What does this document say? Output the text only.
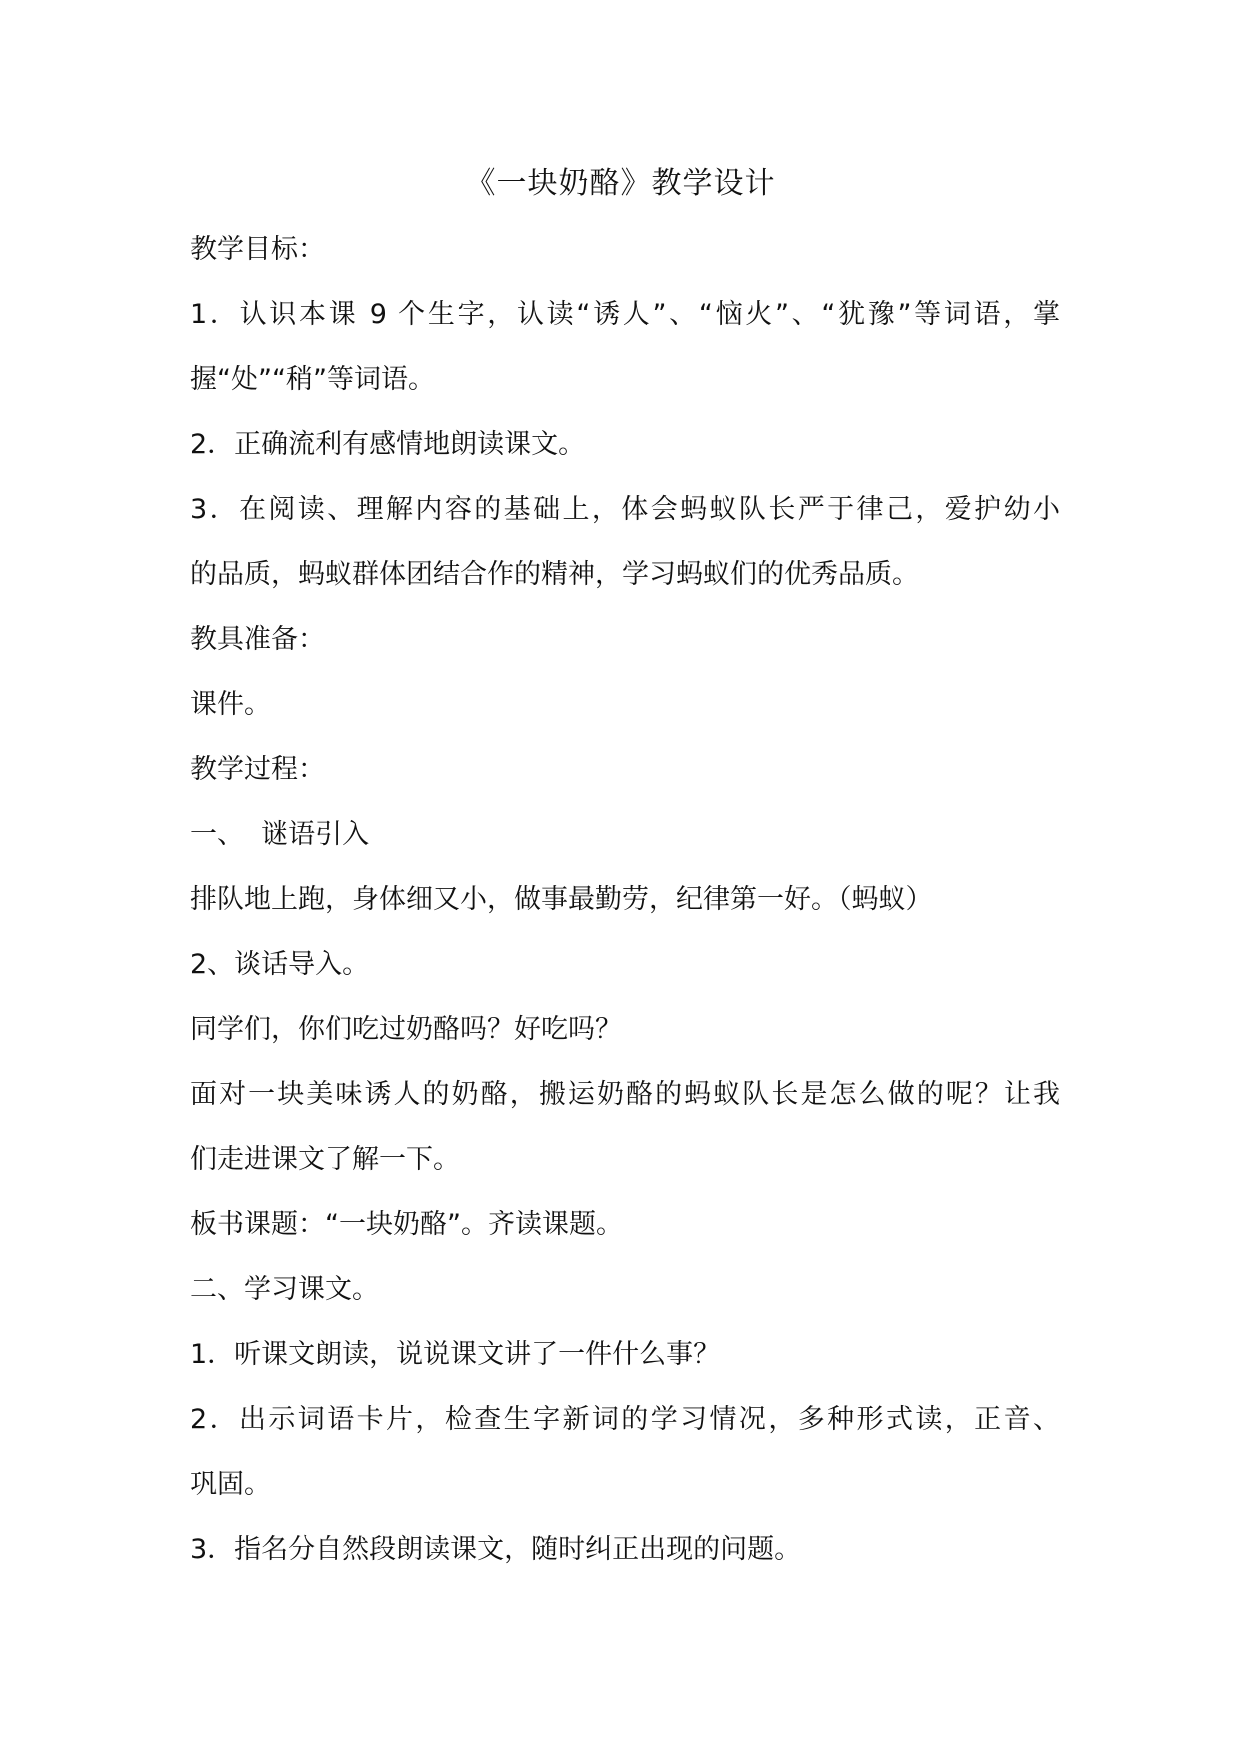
《一块奶酪》教学设计
教学目标：
1．认识本课 9 个生字，认读“诱人”、“恼火”、“犹豫”等词语，掌
握“处”“稍”等词语。
2．正确流利有感情地朗读课文。
3．在阅读、理解内容的基础上，体会蚂蚁队长严于律己，爱护幼小
的品质，蚂蚁群体团结合作的精神，学习蚂蚁们的优秀品质。
教具准备：
课件。
教学过程：
一、  谜语引入
排队地上跑，身体细又小，做事最勤劳，纪律第一好。（蚂蚁）
2、谈话导入。
同学们，你们吃过奶酪吗？好吃吗？
面对一块美味诱人的奶酪，搬运奶酪的蚂蚁队长是怎么做的呢？让我
们走进课文了解一下。
板书课题：“一块奶酪”。齐读课题。
二、学习课文。
1．听课文朗读，说说课文讲了一件什么事？
2．出示词语卡片，检查生字新词的学习情况，多种形式读，正音、
巩固。
3．指名分自然段朗读课文，随时纠正出现的问题。
